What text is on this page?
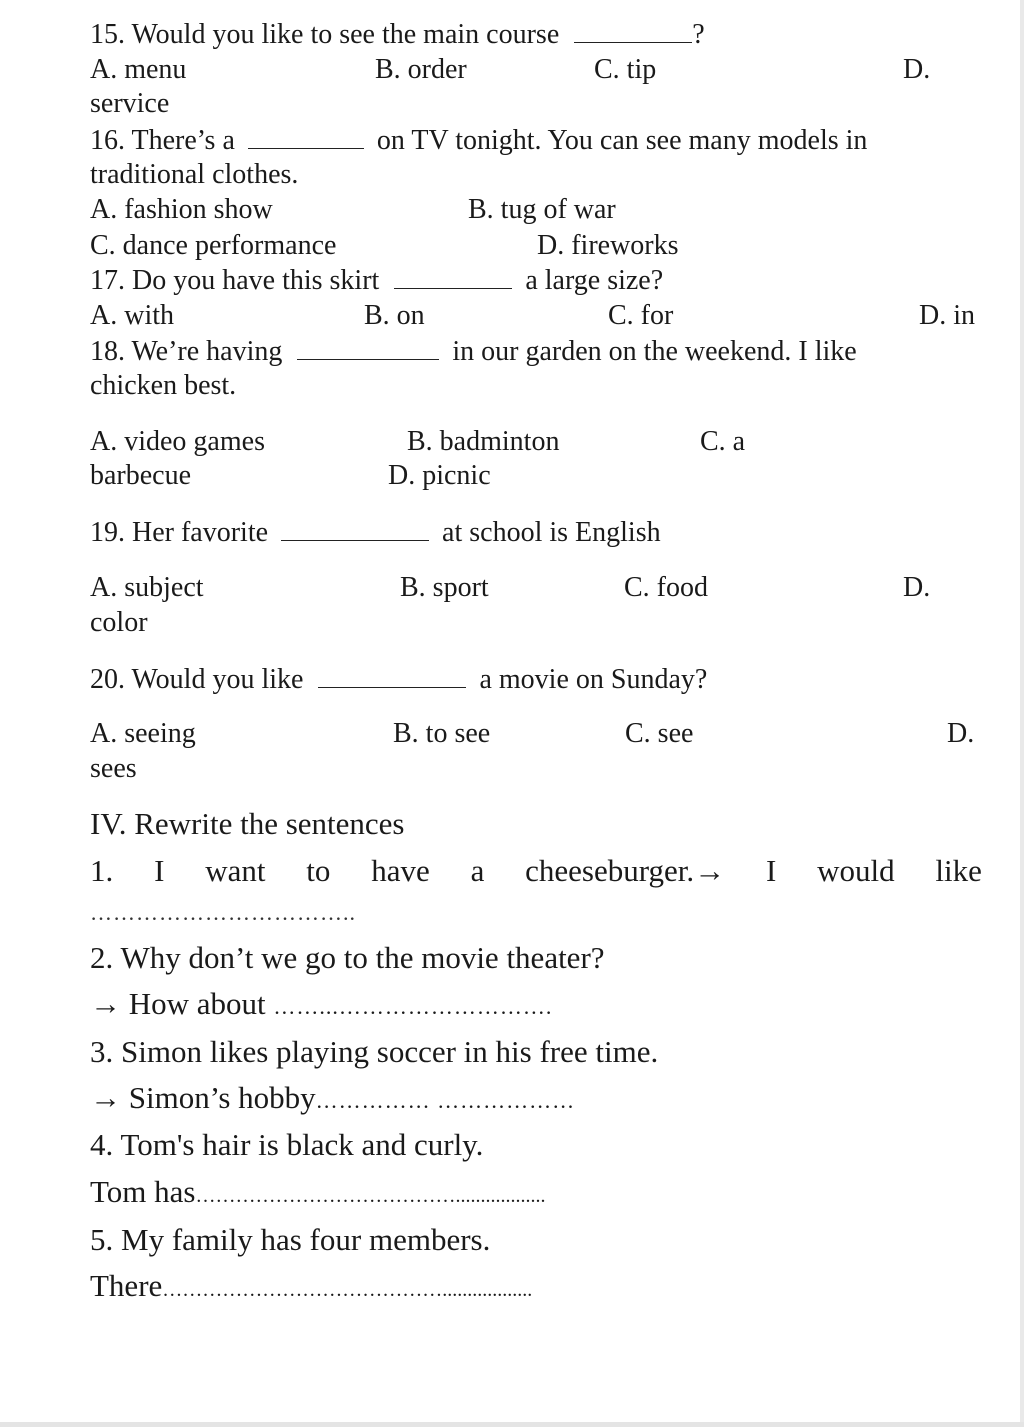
15. Would you like to see the main course	?
A. menu	B. order	C. tip	D.
service
16. There’s a	on TV tonight. You can see many models in
traditional clothes.
A. fashion show	B. tug of war
C. dance performance	D. fireworks
17. Do you have this skirt	a large size?
A. with	B. on	C. for	D. in
18. We’re having	in our garden on the weekend. I like
chicken best.
A. video games	B. badminton	C. a
barbecue	D. picnic
19. Her favorite	at school is English
A. subject	B. sport	C. food	D.
color
20. Would you like	a movie on Sunday?
A. seeing	B. to see	C. see	D.
sees
IV. Rewrite the sentences
1. I want to have a cheeseburger.→ I would like
……………………………..
2. Why don’t we go to the movie theater?
→ How about ……...……………………….
3. Simon likes playing soccer in his free time.
→ Simon’s hobby…………… ………………
4. Tom's hair is black and curly.
Tom has…………………………………..................
5. My family has four members.
There……………………………………..................
